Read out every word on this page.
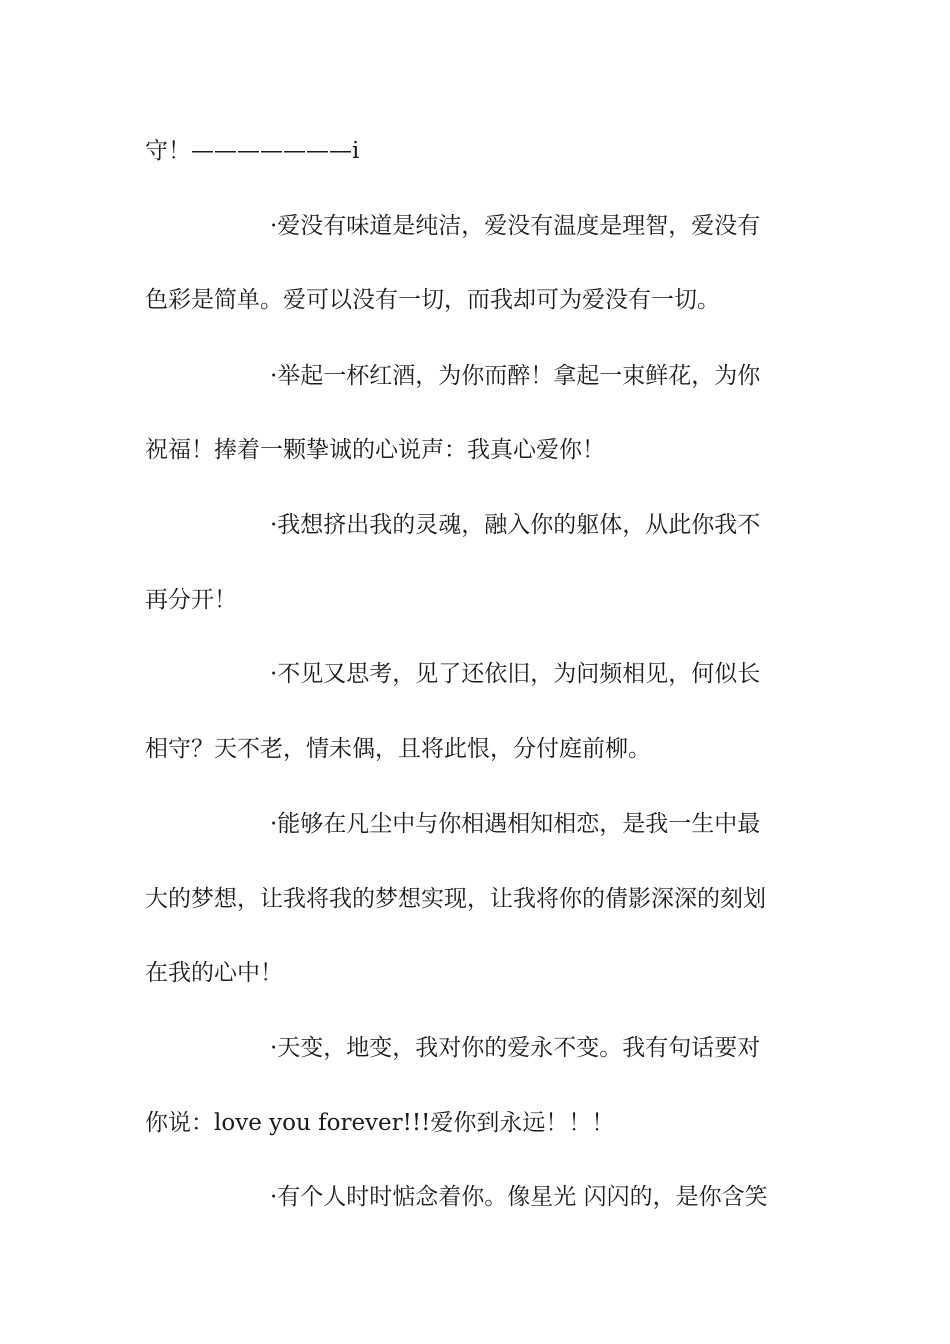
守！———————i
·爱没有味道是纯洁，爱没有温度是理智，爱没有
色彩是简单。爱可以没有一切，而我却可为爱没有一切。
·举起一杯红酒，为你而醉！拿起一束鲜花，为你
祝福！捧着一颗挚诚的心说声：我真心爱你！
·我想挤出我的灵魂，融入你的躯体，从此你我不
再分开！
·不见又思考，见了还依旧，为问频相见，何似长
相守？天不老，情未偶，且将此恨，分付庭前柳。
·能够在凡尘中与你相遇相知相恋，是我一生中最
大的梦想，让我将我的梦想实现，让我将你的倩影深深的刻划
在我的心中！
·天变，地变，我对你的爱永不变。我有句话要对
你说：love you forever!!!爱你到永远！！！
·有个人时时惦念着你。像星光 闪闪的，是你含笑
